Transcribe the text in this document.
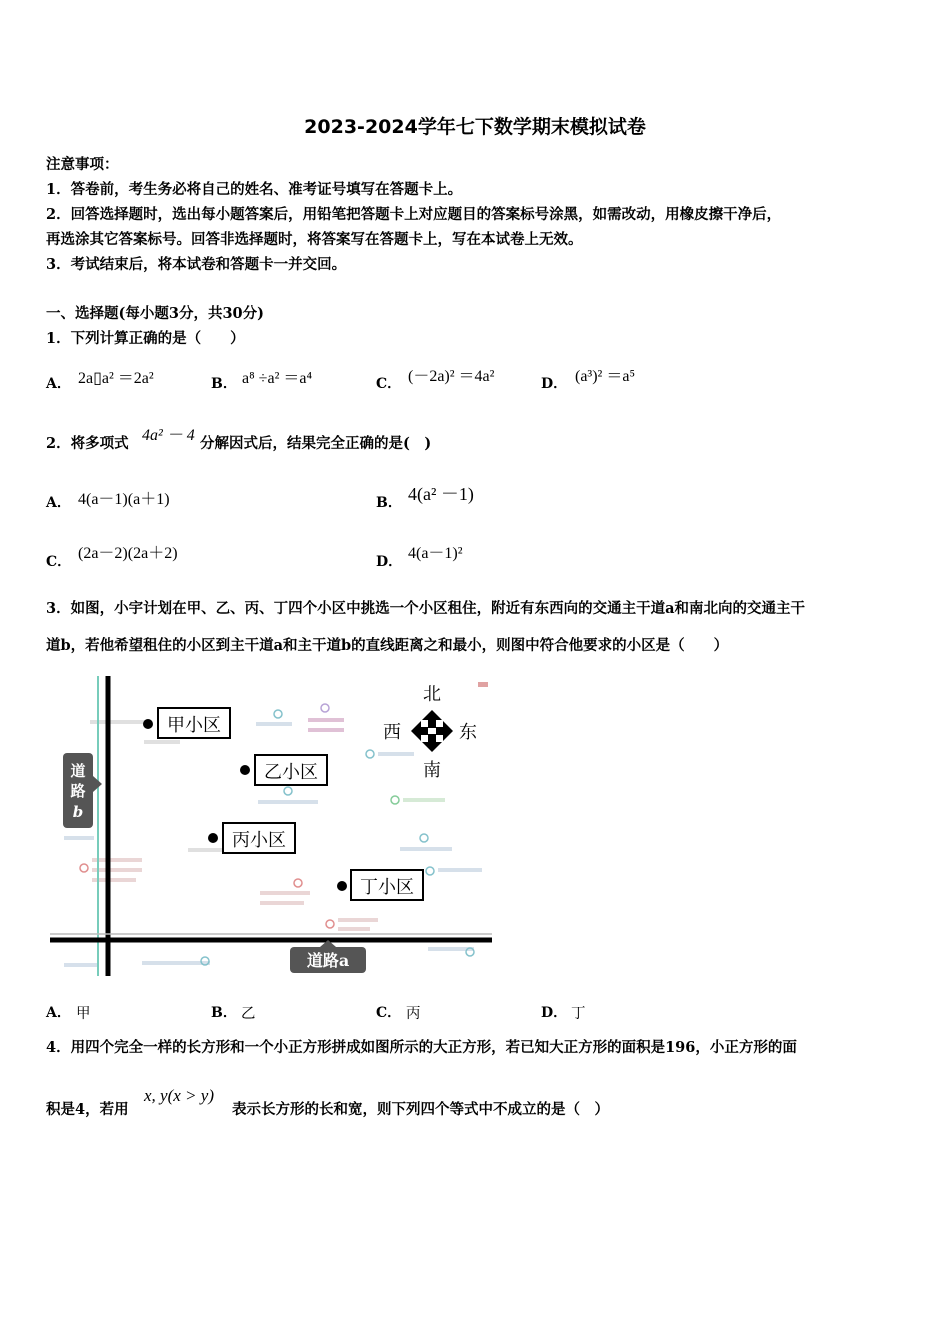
2023-2024学年七下数学期末模拟试卷
注意事项：
1．答卷前，考生务必将自己的姓名、准考证号填写在答题卡上。
2．回答选择题时，选出每小题答案后，用铅笔把答题卡上对应题目的答案标号涂黑，如需改动，用橡皮擦干净后，
再选涂其它答案标号。回答非选择题时，将答案写在答题卡上，写在本试卷上无效。
3．考试结束后，将本试卷和答题卡一并交回。
一、选择题(每小题3分，共30分)
1．下列计算正确的是（　　）
A． 2a▯a² ＝2a²	B． a⁸ ÷a² ＝a⁴	C． (－2a)² ＝4a²	D． (a³)² ＝a⁵
2．将多项式 4a² － 4 分解因式后，结果完全正确的是(　)
A． 4(a－1)(a＋1)	B． 4(a² －1)
C． (2a－2)(2a＋2)	D． 4(a－1)²
3．如图，小宇计划在甲、乙、丙、丁四个小区中挑选一个小区租住，附近有东西向的交通主干道a和南北向的交通主干
道b，若他希望租住的小区到主干道a和主干道b的直线距离之和最小，则图中符合他要求的小区是（　　）
道
路
b
道路a
甲小区
乙小区
丙小区
丁小区
北
南
西	东
A． 甲	B． 乙	C． 丙	D． 丁
4．用四个完全一样的长方形和一个小正方形拼成如图所示的大正方形，若已知大正方形的面积是196，小正方形的面
积是4，若用
x, y(x > y)
表示长方形的长和宽，则下列四个等式中不成立的是（　）
